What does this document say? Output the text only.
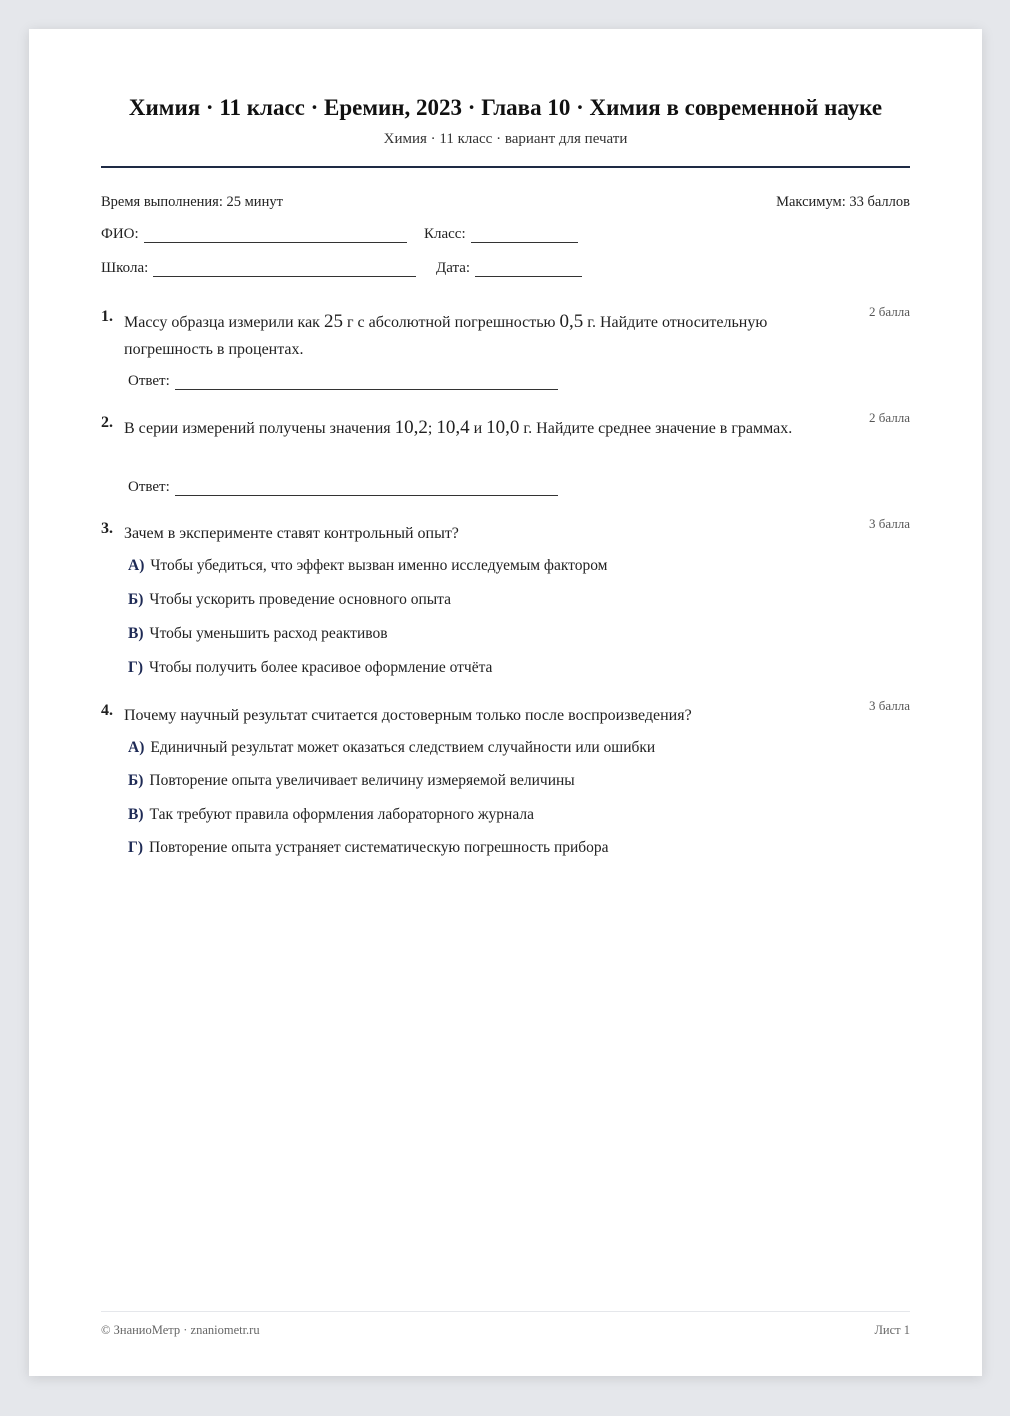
Химия · 11 класс · Еремин, 2023 · Глава 10 · Химия в современной науке
Химия · 11 класс · вариант для печати
Время выполнения: 25 минут	Максимум: 33 баллов
ФИО:	Класс:
Школа:	Дата:
1. Массу образца измерили как 25 г с абсолютной погрешностью 0,5 г. Найдите относительную погрешность в процентах.
2 балла
Ответ:
2. В серии измерений получены значения 10,2; 10,4 и 10,0 г. Найдите среднее значение в граммах.
2 балла
Ответ:
3. Зачем в эксперименте ставят контрольный опыт?
3 балла
А) Чтобы убедиться, что эффект вызван именно исследуемым фактором
Б) Чтобы ускорить проведение основного опыта
В) Чтобы уменьшить расход реактивов
Г) Чтобы получить более красивое оформление отчёта
4. Почему научный результат считается достоверным только после воспроизведения?
3 балла
А) Единичный результат может оказаться следствием случайности или ошибки
Б) Повторение опыта увеличивает величину измеряемой величины
В) Так требуют правила оформления лабораторного журнала
Г) Повторение опыта устраняет систематическую погрешность прибора
© ЗнаниоМетр · znaniometr.ru	Лист 1
